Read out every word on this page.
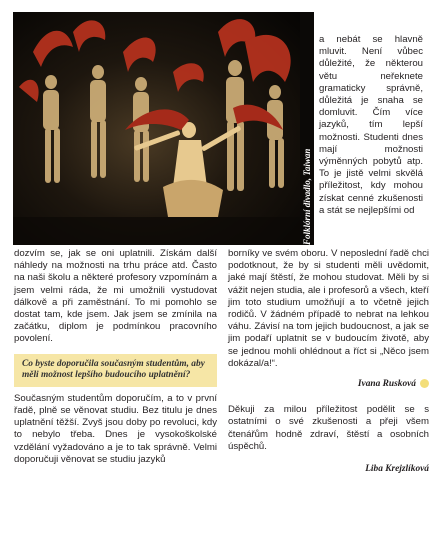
Folklórní divadlo, Taiwan

a nebát se hlavně mluvit. Není vůbec důležité, že některou větu neřeknete gramaticky správně, důležitá je snaha se domluvit. Čím více jazyků, tím lepší možnosti. Studenti dnes mají možnosti výměnných pobytů atp. To je jistě velmi skvělá příležitost, kdy mohou získat cenné zkušenosti a stát se nejlepšími od

dozvím se, jak se oni uplatnili. Získám další náhledy na možnosti na trhu práce atd. Často na naši školu a některé profesory vzpomínám a jsem velmi ráda, že mi umožnili vystudovat dálkově a při zaměstnání. To mi pomohlo se dostat tam, kde jsem. Jak jsem se zmínila na začátku, diplom je podmínkou pracovního povolení.

Co byste doporučila současným studentům, aby měli možnost lepšího budoucího uplatnění?

Současným studentům doporučím, a to v první řadě, plně se věnovat studiu. Bez titulu je dnes uplatnění těžší. Zvyš jsou doby po revoluci, kdy to nebylo třeba. Dnes je vysokoškolské vzdělání vyžadováno a je to tak správně. Velmi doporučuji věnovat se studiu jazyků

borníky ve svém oboru. V neposlední řadě chci podotknout, že by si studenti měli uvědomit, jaké mají štěstí, že mohou studovat. Měli by si vážit nejen studia, ale i profesorů a všech, kteří jim toto studium umožňují a to včetně jejich rodičů. V žádném případě to nebrat na lehkou váhu. Závisí na tom jejich budoucnost, a jak se jim podaří uplatnit se v budoucím životě, aby se jednou mohli ohlédnout a říct si „Něco jsem dokázal/a!“.

Ivana Rusková

Děkuji za milou příležitost podělit se s ostatními o své zkušenosti a přeji všem čtenářům hodně zdraví, štěstí a osobních úspěchů.

Liba Krejzlíková
